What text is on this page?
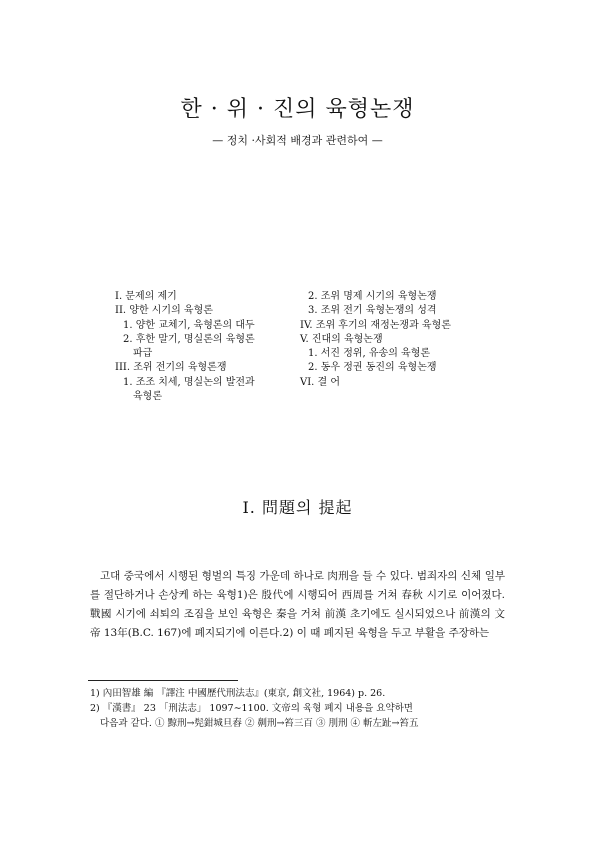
한 · 위 · 진의 육형논쟁
— 정치 ·사회적 배경과 관련하여 —
I. 문제의 제기
II. 양한 시기의 육형론
1. 양한 교체기, 육형론의 대두
2. 후한 말기, 명실론의 육형론
파급
III. 조위 전기의 육형론쟁
1. 조조 치세, 명실논의 발전과
육형론
2. 조위 명제 시기의 육형논쟁
3. 조위 전기 육형논쟁의 성격
IV. 조위 후기의 재정논쟁과 육형론
V. 진대의 육형논쟁
1. 서진 정위, 유송의 육형론
2. 동우 정권 동진의 육형논쟁
VI. 결 어
I. 問題의 提起
고대 중국에서 시행된 형벌의 특징 가운데 하나로 肉刑을 들 수 있다. 범죄자의 신체 일부를 절단하거나 손상케 하는 육형1)은 殷代에 시행되어 西周를 거쳐 春秋 시기로 이어졌다. 戰國 시기에 쇠퇴의 조짐을 보인 육형은 秦을 거쳐 前漢 초기에도 실시되었으나 前漢의 文帝 13年(B.C. 167)에 폐지되기에 이른다.2) 이 때 폐지된 육형을 두고 부활을 주장하는
1) 內田智雄 編 『譯注 中國歷代刑法志』(東京, 創文社, 1964) p. 26.
2) 『漢書』 23 「刑法志」 1097∼1100. 文帝의 육형 폐지 내용을 요약하면
다음과 같다. ① 黥刑→髡鉗城旦舂 ② 劓刑→笞三百 ③ 刖刑 ④ 斬左趾→笞五
